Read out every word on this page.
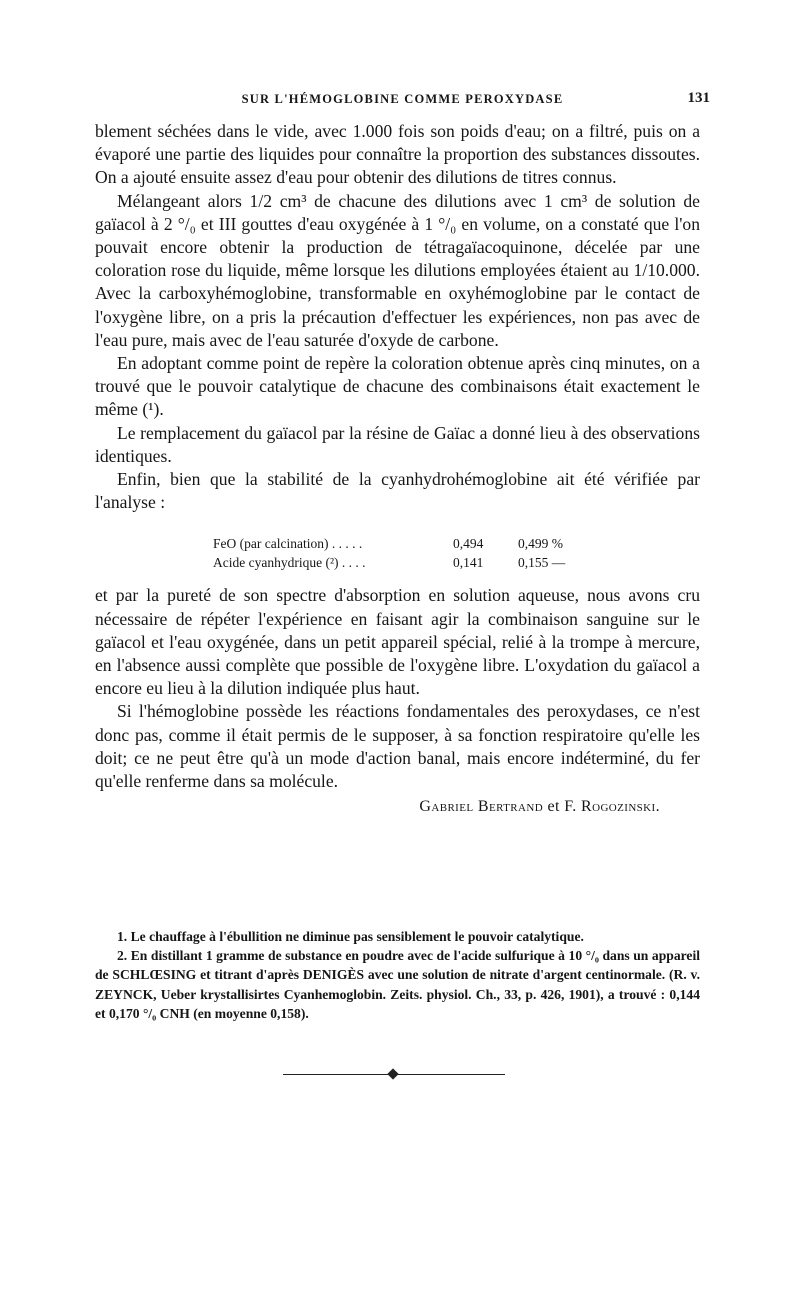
SUR L'HÉMOGLOBINE COMME PEROXYDASE	131

blement séchées dans le vide, avec 1.000 fois son poids d'eau; on a filtré, puis on a évaporé une partie des liquides pour connaître la proportion des substances dissoutes. On a ajouté ensuite assez d'eau pour obtenir des dilutions de titres connus.

Mélangeant alors 1/2 cm³ de chacune des dilutions avec 1 cm³ de solution de gaïacol à 2 °/₀ et III gouttes d'eau oxygénée à 1 °/₀ en volume, on a constaté que l'on pouvait encore obtenir la production de tétragaïacoquinone, décelée par une coloration rose du liquide, même lorsque les dilutions employées étaient au 1/10.000. Avec la carboxyhémoglobine, transformable en oxyhémoglobine par le contact de l'oxygène libre, on a pris la précaution d'effectuer les expériences, non pas avec de l'eau pure, mais avec de l'eau saturée d'oxyde de carbone.

En adoptant comme point de repère la coloration obtenue après cinq minutes, on a trouvé que le pouvoir catalytique de chacune des combinaisons était exactement le même (¹).

Le remplacement du gaïacol par la résine de Gaïac a donné lieu à des observations identiques.

Enfin, bien que la stabilité de la cyanhydrohémoglobine ait été vérifiée par l'analyse :

FeO (par calcination) . . . . .	0,494	0,499 %
Acide cyanhydrique (²) . . . .	0,141	0,155 —

et par la pureté de son spectre d'absorption en solution aqueuse, nous avons cru nécessaire de répéter l'expérience en faisant agir la combinaison sanguine sur le gaïacol et l'eau oxygénée, dans un petit appareil spécial, relié à la trompe à mercure, en l'absence aussi complète que possible de l'oxygène libre. L'oxydation du gaïacol a encore eu lieu à la dilution indiquée plus haut.

Si l'hémoglobine possède les réactions fondamentales des peroxydases, ce n'est donc pas, comme il était permis de le supposer, à sa fonction respiratoire qu'elle les doit; ce ne peut être qu'à un mode d'action banal, mais encore indéterminé, du fer qu'elle renferme dans sa molécule.

Gabriel Bertrand et F. Rogozinski.

1. Le chauffage à l'ébullition ne diminue pas sensiblement le pouvoir catalytique.

2. En distillant 1 gramme de substance en poudre avec de l'acide sulfurique à 10 °/₀ dans un appareil de SCHLŒSING et titrant d'après DENIGÈS avec une solution de nitrate d'argent centinormale. (R. v. ZEYNCK, Ueber krystallisirtes Cyanhemoglobin. Zeits. physiol. Ch., 33, p. 426, 1901), a trouvé : 0,144 et 0,170 °/₀ CNH (en moyenne 0,158).
